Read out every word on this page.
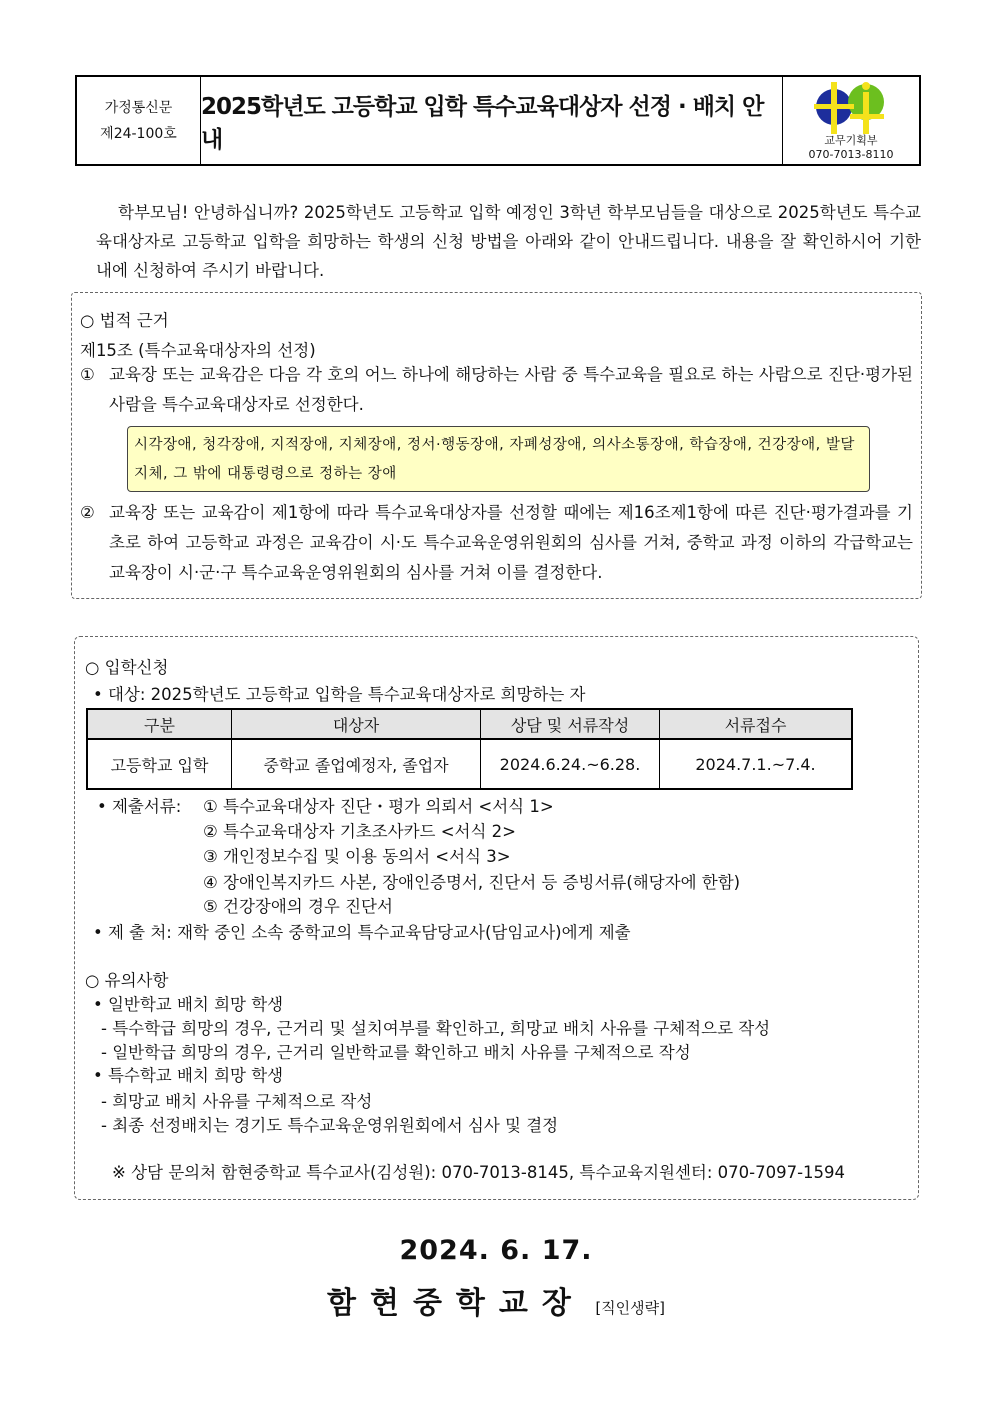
가정통신문
제24-100호
2025학년도 고등학교 입학 특수교육대상자 선정 · 배치 안내	교무기획부
070-7013-8110
학부모님! 안녕하십니까? 2025학년도 고등학교 입학 예정인 3학년 학부모님들을 대상으로 2025학년도 특수교육대상자로 고등학교 입학을 희망하는 학생의 신청 방법을 아래와 같이 안내드립니다. 내용을 잘 확인하시어 기한 내에 신청하여 주시기 바랍니다.
○ 법적 근거
제15조 (특수교육대상자의 선정)
① 교육장 또는 교육감은 다음 각 호의 어느 하나에 해당하는 사람 중 특수교육을 필요로 하는 사람으로 진단·평가된 사람을 특수교육대상자로 선정한다.
시각장애, 청각장애, 지적장애, 지체장애, 정서·행동장애, 자폐성장애, 의사소통장애, 학습장애, 건강장애, 발달지체, 그 밖에 대통령령으로 정하는 장애
② 교육장 또는 교육감이 제1항에 따라 특수교육대상자를 선정할 때에는 제16조제1항에 따른 진단·평가결과를 기초로 하여 고등학교 과정은 교육감이 시·도 특수교육운영위원회의 심사를 거쳐, 중학교 과정 이하의 각급학교는 교육장이 시·군·구 특수교육운영위원회의 심사를 거쳐 이를 결정한다.
○ 입학신청
• 대상: 2025학년도 고등학교 입학을 특수교육대상자로 희망하는 자
구분	대상자	상담 및 서류작성	서류접수
고등학교 입학	중학교 졸업예정자, 졸업자	2024.6.24.~6.28.	2024.7.1.~7.4.
• 제출서류: ① 특수교육대상자 진단・평가 의뢰서 <서식 1>
② 특수교육대상자 기초조사카드 <서식 2>
③ 개인정보수집 및 이용 동의서 <서식 3>
④ 장애인복지카드 사본, 장애인증명서, 진단서 등 증빙서류(해당자에 한함)
⑤ 건강장애의 경우 진단서
• 제 출 처: 재학 중인 소속 중학교의 특수교육담당교사(담임교사)에게 제출
○ 유의사항
• 일반학교 배치 희망 학생
- 특수학급 희망의 경우, 근거리 및 설치여부를 확인하고, 희망교 배치 사유를 구체적으로 작성
- 일반학급 희망의 경우, 근거리 일반학교를 확인하고 배치 사유를 구체적으로 작성
• 특수학교 배치 희망 학생
- 희망교 배치 사유를 구체적으로 작성
- 최종 선정배치는 경기도 특수교육운영위원회에서 심사 및 결정
※ 상담 문의처 함현중학교 특수교사(김성원): 070-7013-8145, 특수교육지원센터: 070-7097-1594
2024. 6. 17.
함현중학교장 [직인생략]
